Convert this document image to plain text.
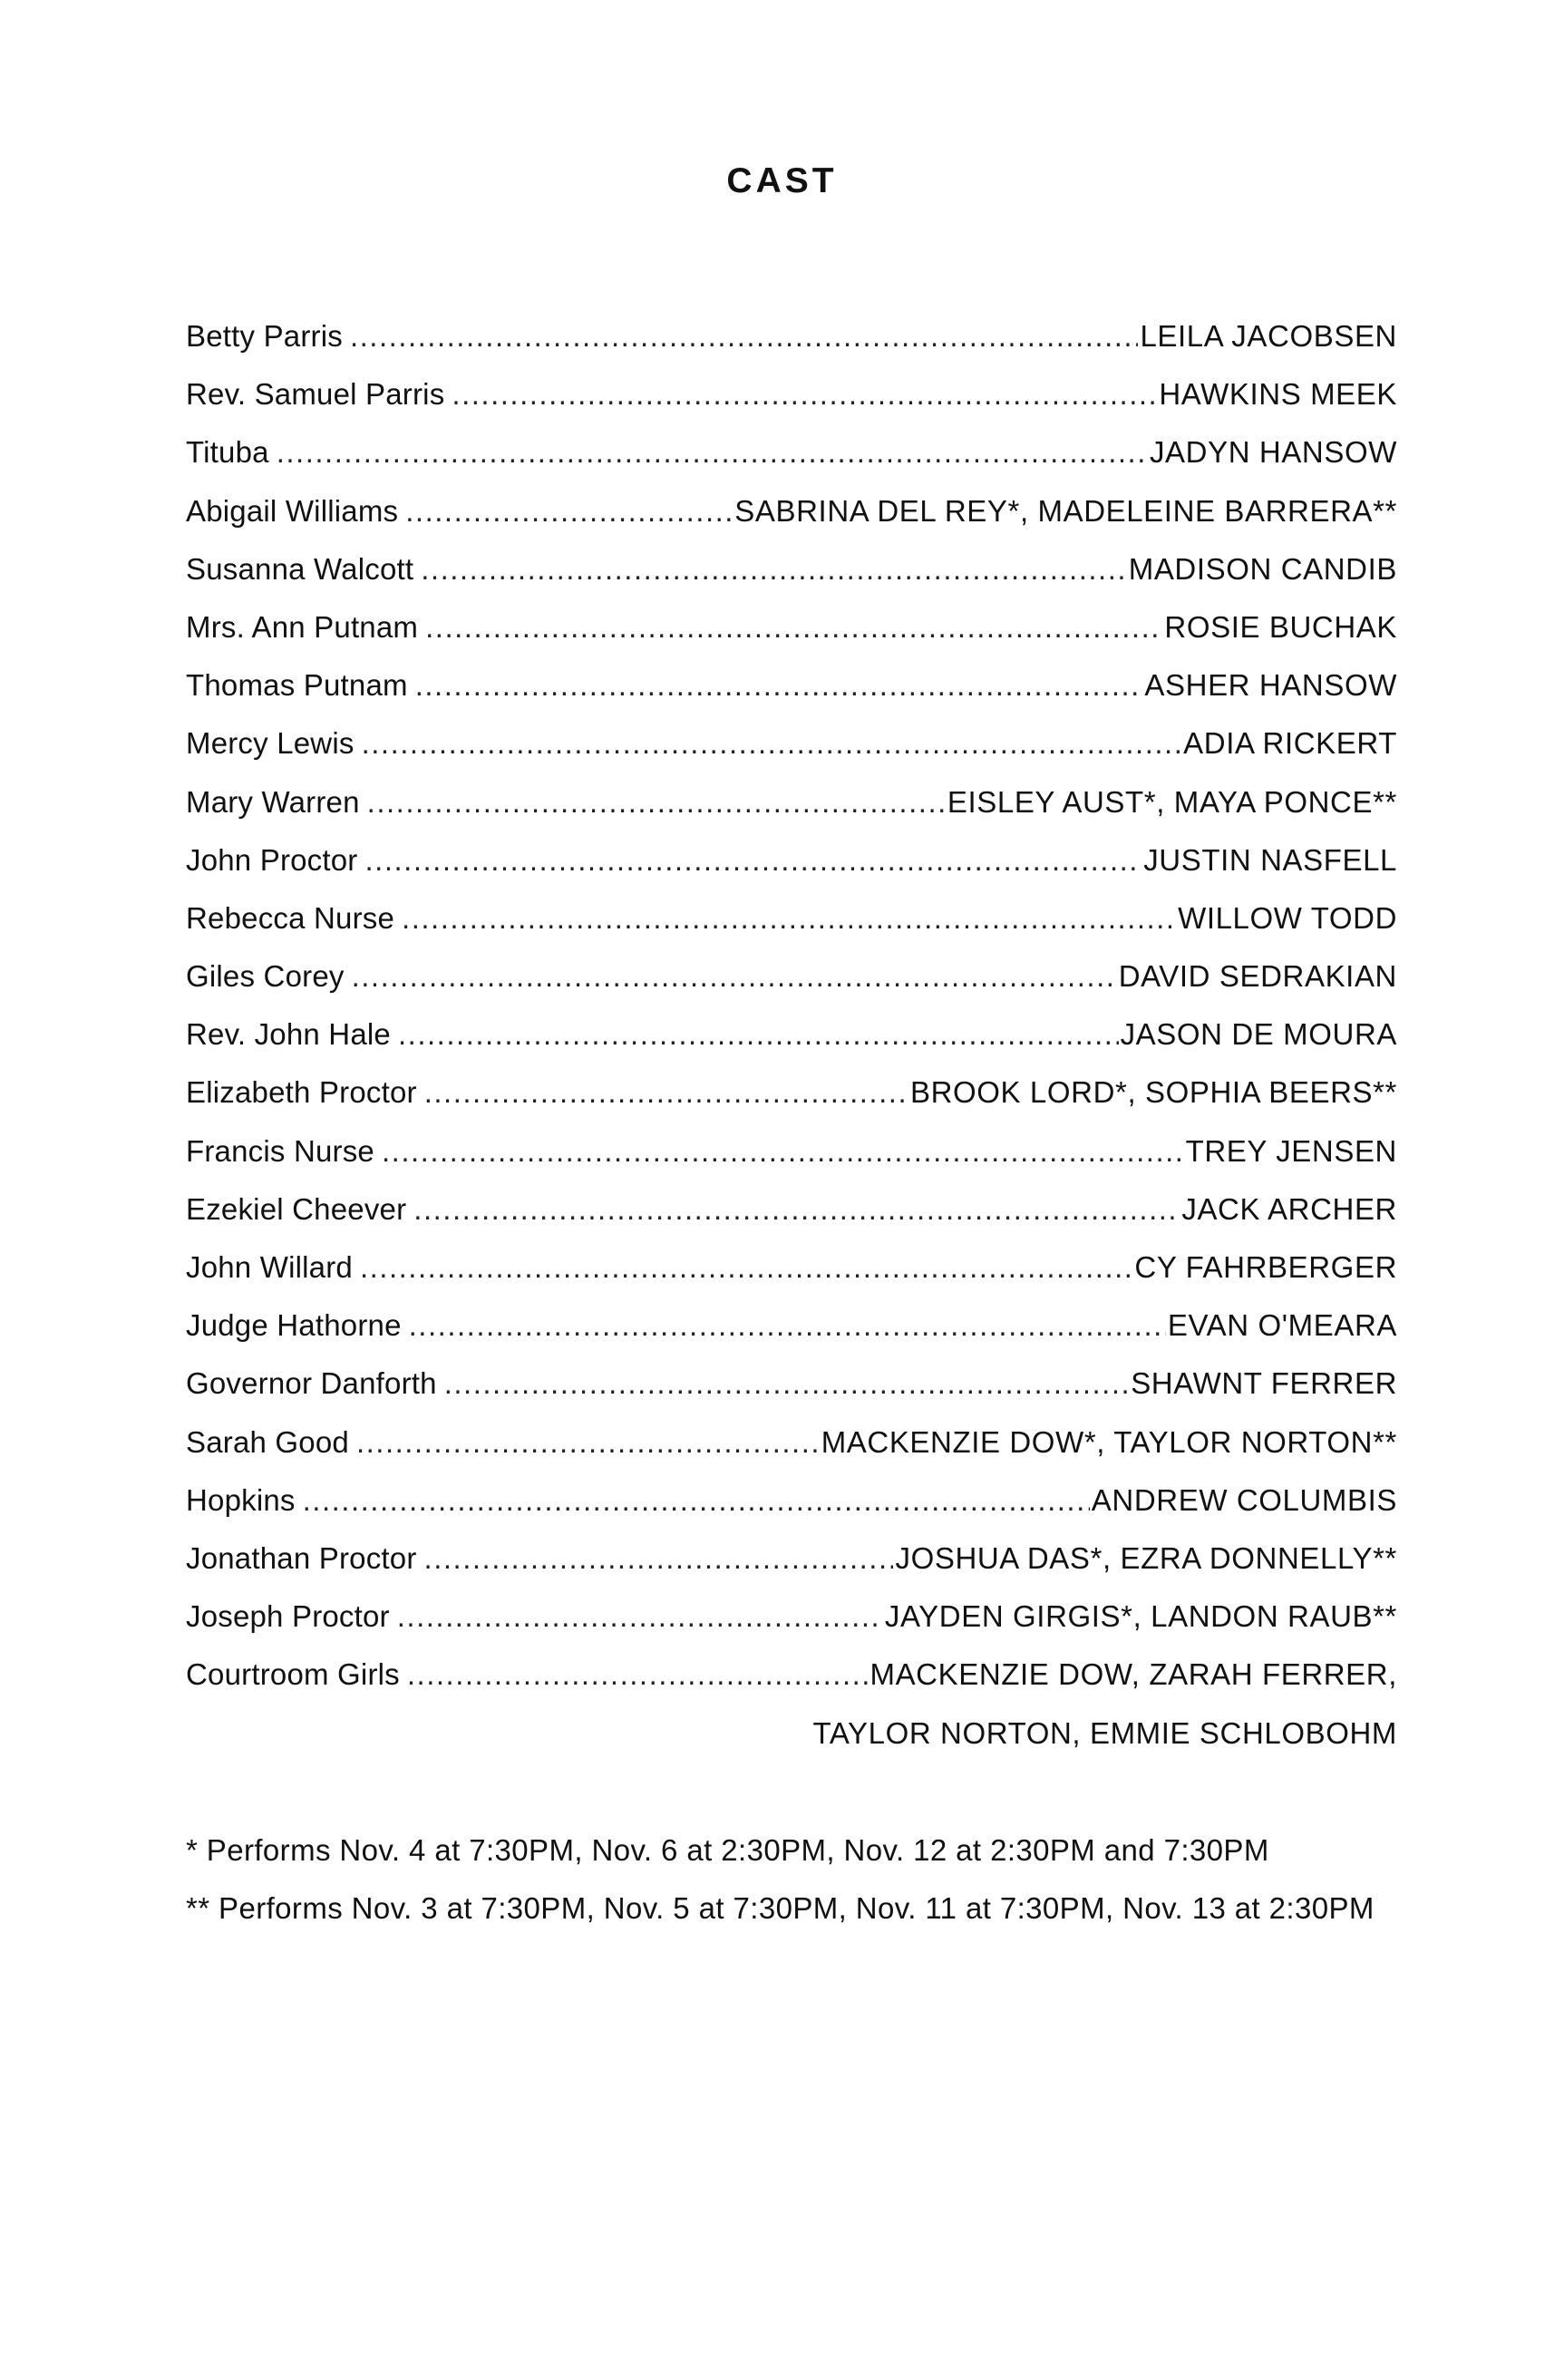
CAST
Betty Parris .....	LEILA JACOBSEN
Rev. Samuel Parris .....	HAWKINS MEEK
Tituba .....	JADYN HANSOW
Abigail Williams .....	SABRINA DEL REY*, MADELEINE BARRERA**
Susanna Walcott .....	MADISON CANDIB
Mrs. Ann Putnam .....	ROSIE BUCHAK
Thomas Putnam .....	ASHER HANSOW
Mercy Lewis .....	ADIA RICKERT
Mary Warren .....	EISLEY AUST*, MAYA PONCE**
John Proctor .....	JUSTIN NASFELL
Rebecca Nurse .....	WILLOW TODD
Giles Corey .....	DAVID SEDRAKIAN
Rev. John Hale .....	JASON DE MOURA
Elizabeth Proctor .....	BROOK LORD*, SOPHIA BEERS**
Francis Nurse .....	TREY JENSEN
Ezekiel Cheever .....	JACK ARCHER
John Willard .....	CY FAHRBERGER
Judge Hathorne .....	EVAN O'MEARA
Governor Danforth .....	SHAWNT FERRER
Sarah Good .....	MACKENZIE DOW*, TAYLOR NORTON**
Hopkins .....	ANDREW COLUMBIS
Jonathan Proctor .....	JOSHUA DAS*, EZRA DONNELLY**
Joseph Proctor .....	JAYDEN GIRGIS*, LANDON RAUB**
Courtroom Girls .....	MACKENZIE DOW, ZARAH FERRER,
TAYLOR NORTON, EMMIE SCHLOBOHM
* Performs Nov. 4 at 7:30PM, Nov. 6 at 2:30PM, Nov. 12 at 2:30PM and 7:30PM
** Performs Nov. 3 at 7:30PM, Nov. 5 at 7:30PM, Nov. 11 at 7:30PM, Nov. 13 at 2:30PM
